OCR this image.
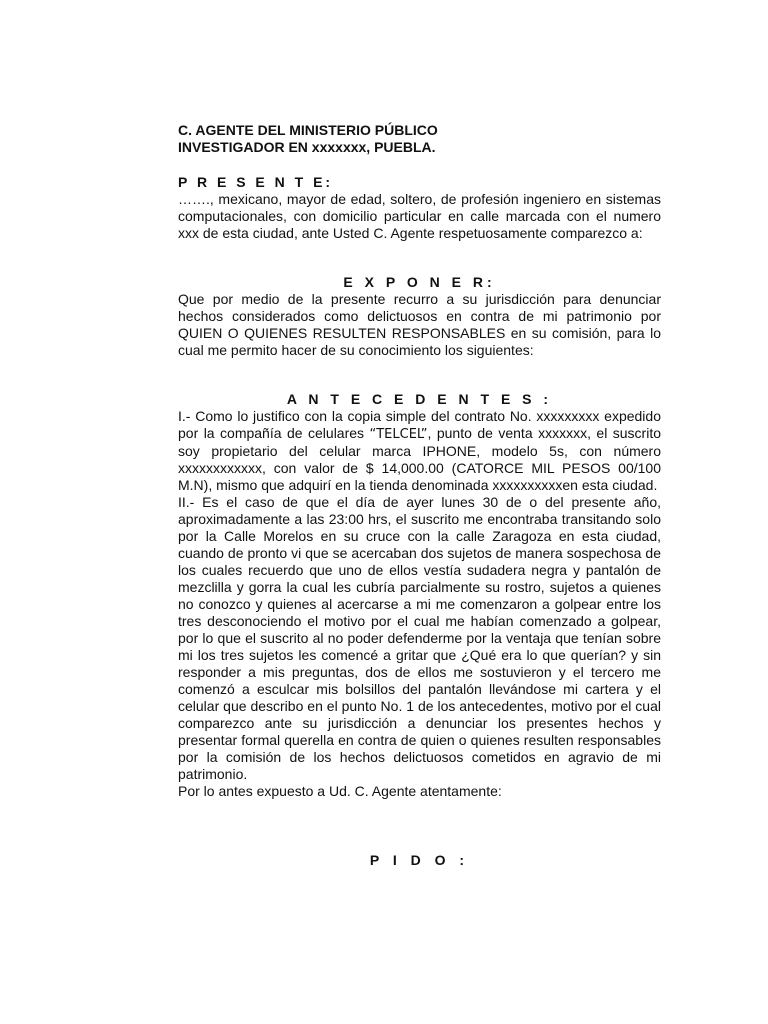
C. AGENTE DEL MINISTERIO PÚBLICO

INVESTIGADOR EN xxxxxxx, PUEBLA.

P R E S E N T E:

……., mexicano, mayor de edad, soltero, de profesión ingeniero en sistemas computacionales, con domicilio particular en calle marcada con el numero xxx de esta ciudad, ante Usted C. Agente respetuosamente comparezco a:

E X P O N E R:

Que por medio de la presente recurro a su jurisdicción para denunciar hechos considerados como delictuosos en contra de mi patrimonio por QUIEN O QUIENES RESULTEN RESPONSABLES en su comisión, para lo cual me permito hacer de su conocimiento los siguientes:

A N T E C E D E N T E S :

I.- Como lo justifico con la copia simple del contrato No. xxxxxxxxx expedido por la compañía de celulares “TELCEL”, punto de venta xxxxxxx, el suscrito soy propietario del celular marca IPHONE, modelo 5s, con número xxxxxxxxxxxx, con valor de $ 14,000.00 (CATORCE MIL PESOS 00/100 M.N), mismo que adquirí en la tienda denominada xxxxxxxxxxen esta ciudad.

II.- Es el caso de que el día de ayer lunes 30 de o del presente año, aproximadamente a las 23:00 hrs, el suscrito me encontraba transitando solo por la Calle Morelos en su cruce con la calle Zaragoza en esta ciudad, cuando de pronto vi que se acercaban dos sujetos de manera sospechosa de los cuales recuerdo que uno de ellos vestía sudadera negra y pantalón de mezclilla y gorra la cual les cubría parcialmente su rostro, sujetos a quienes no conozco y quienes al acercarse a mi me comenzaron a golpear entre los tres desconociendo el motivo por el cual me habían comenzado a golpear, por lo que el suscrito al no poder defenderme por la ventaja que tenían sobre mi los tres sujetos les comencé a gritar que ¿Qué era lo que querían? y sin responder a mis preguntas, dos de ellos me sostuvieron y el tercero me comenzó a esculcar mis bolsillos del pantalón llevándose mi cartera y el celular que describo en el punto No. 1 de los antecedentes, motivo por el cual comparezco ante su jurisdicción a denunciar los presentes hechos y presentar formal querella en contra de quien o quienes resulten responsables por la comisión de los hechos delictuosos cometidos en agravio de mi patrimonio.

Por lo antes expuesto a Ud. C. Agente atentamente:

P I D O :
